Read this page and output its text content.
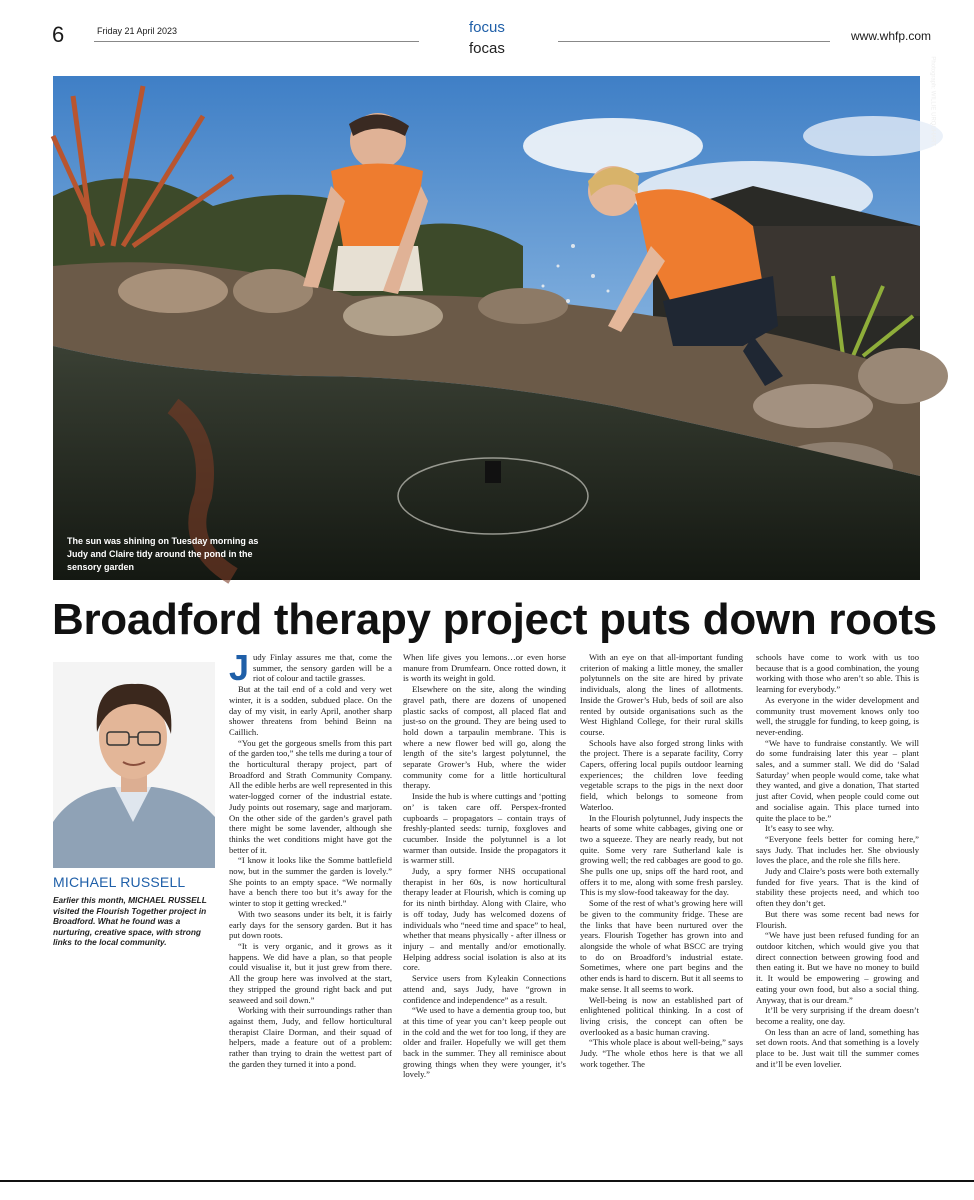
6	Friday 21 April 2023	focus
focas
www.whfp.com
The sun was shining on Tuesday morning as Judy and Claire tidy around the pond in the sensory garden
Photograph: WILLIE URQUHART
Broadford therapy project puts down roots
MICHAEL RUSSELL
Earlier this month, MICHAEL RUSSELL visited the Flourish Together project in Broadford. What he found was a nurturing, creative space, with strong links to the local community.

Judy Finlay assures me that, come the summer, the sensory garden will be a riot of colour and tactile grasses.

But at the tail end of a cold and very wet winter, it is a sodden, subdued place. On the day of my visit, in early April, another sharp shower threatens from behind Beinn na Caillich.

“You get the gorgeous smells from this part of the garden too,” she tells me during a tour of the horticultural therapy project, part of Broadford and Strath Community Company. All the edible herbs are well represented in this water-logged corner of the industrial estate. Judy points out rosemary, sage and marjoram. On the other side of the garden’s gravel path there might be some lavender, although she thinks the wet conditions might have got the better of it.

“I know it looks like the Somme battlefield now, but in the summer the garden is lovely.” She points to an empty space. “We normally have a bench there too but it’s away for the winter to stop it getting wrecked.”

With two seasons under its belt, it is fairly early days for the sensory garden. But it has put down roots.

“It is very organic, and it grows as it happens. We did have a plan, so that people could visualise it, but it just grew from there. All the group here was involved at the start, they stripped the ground right back and put seaweed and soil down.”

Working with their surroundings rather than against them, Judy, and fellow horticultural therapist Claire Dorman, and their squad of helpers, made a feature out of a problem: rather than trying to drain the wettest part of the garden they turned it into a pond.

When life gives you lemons…or even horse manure from Drumfearn. Once rotted down, it is worth its weight in gold.

Elsewhere on the site, along the winding gravel path, there are dozens of unopened plastic sacks of compost, all placed flat and just-so on the ground. They are being used to hold down a tarpaulin membrane. This is where a new flower bed will go, along the length of the site’s largest polytunnel, the separate Grower’s Hub, where the wider community come for a little horticultural therapy.

Inside the hub is where cuttings and ‘potting on’ is taken care off. Perspex-fronted cupboards – propagators – contain trays of freshly-planted seeds: turnip, foxgloves and cucumber. Inside the polytunnel is a lot warmer than outside. Inside the propagators it is warmer still.

Judy, a spry former NHS occupational therapist in her 60s, is now horticultural therapy leader at Flourish, which is coming up for its ninth birthday. Along with Claire, who is off today, Judy has welcomed dozens of individuals who “need time and space” to heal, whether that means physically - after illness or injury – and mentally and/or emotionally. Helping address social isolation is also at its core.

Service users from Kyleakin Connections attend and, says Judy, have “grown in confidence and independence” as a result.

“We used to have a dementia group too, but at this time of year you can’t keep people out in the cold and the wet for too long, if they are older and frailer. Hopefully we will get them back in the summer. They all reminisce about growing things when they were younger, it’s lovely.”

With an eye on that all-important funding criterion of making a little money, the smaller polytunnels on the site are hired by private individuals, along the lines of allotments. Inside the Grower’s Hub, beds of soil are also rented by outside organisations such as the West Highland College, for their rural skills course.

Schools have also forged strong links with the project. There is a separate facility, Corry Capers, offering local pupils outdoor learning experiences; the children love feeding vegetable scraps to the pigs in the next door field, which belongs to someone from Waterloo.

In the Flourish polytunnel, Judy inspects the hearts of some white cabbages, giving one or two a squeeze. They are nearly ready, but not quite. Some very rare Sutherland kale is growing well; the red cabbages are good to go. She pulls one up, snips off the hard root, and offers it to me, along with some fresh parsley. This is my slow-food takeaway for the day.

Some of the rest of what’s growing here will be given to the community fridge. These are the links that have been nurtured over the years. Flourish Together has grown into and alongside the whole of what BSCC are trying to do on Broadford’s industrial estate. Sometimes, where one part begins and the other ends is hard to discern. But it all seems to make sense. It all seems to work.

Well-being is now an established part of enlightened political thinking. In a cost of living crisis, the concept can often be overlooked as a basic human craving.

“This whole place is about well-being,” says Judy. “The whole ethos here is that we all work together. The

schools have come to work with us too because that is a good combination, the young working with those who aren’t so able. This is learning for everybody.”

As everyone in the wider development and community trust movement knows only too well, the struggle for funding, to keep going, is never-ending.

“We have to fundraise constantly. We will do some fundraising later this year – plant sales, and a summer stall. We did do ‘Salad Saturday’ when people would come, take what they wanted, and give a donation, That started just after Covid, when people could come out and socialise again. This place turned into quite the place to be.”

It’s easy to see why.

“Everyone feels better for coming here,” says Judy. That includes her. She obviously loves the place, and the role she fills here.

Judy and Claire’s posts were both externally funded for five years. That is the kind of stability these projects need, and which too often they don’t get.

But there was some recent bad news for Flourish.

“We have just been refused funding for an outdoor kitchen, which would give you that direct connection between growing food and then eating it. But we have no money to build it. It would be empowering – growing and eating your own food, but also a social thing. Anyway, that is our dream.”

It’ll be very surprising if the dream doesn’t become a reality, one day.

On less than an acre of land, something has set down roots. And that something is a lovely place to be. Just wait till the summer comes and it’ll be even lovelier.
